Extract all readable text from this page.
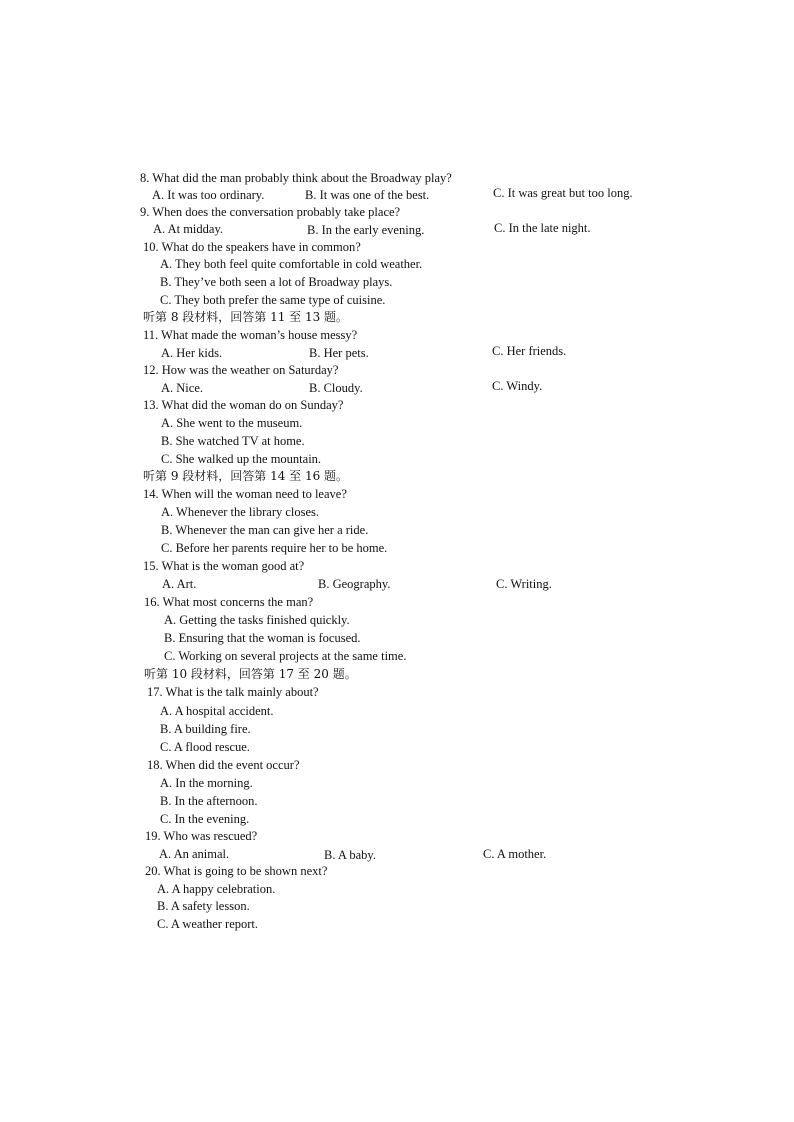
8. What did the man probably think about the Broadway play?
A. It was too ordinary.	B. It was one of the best.	C. It was great but too long.
9. When does the conversation probably take place?
A. At midday.	B. In the early evening.	C. In the late night.
10. What do the speakers have in common?
A. They both feel quite comfortable in cold weather.
B. They’ve both seen a lot of Broadway plays.
C. They both prefer the same type of cuisine.
听第 8 段材料，回答第 11 至 13 题。
11. What made the woman’s house messy?
A. Her kids.	B. Her pets.	C. Her friends.
12. How was the weather on Saturday?
A. Nice.	B. Cloudy.	C. Windy.
13. What did the woman do on Sunday?
A. She went to the museum.
B. She watched TV at home.
C. She walked up the mountain.
听第 9 段材料，回答第 14 至 16 题。
14. When will the woman need to leave?
A. Whenever the library closes.
B. Whenever the man can give her a ride.
C. Before her parents require her to be home.
15. What is the woman good at?
A. Art.	B. Geography.	C. Writing.
16. What most concerns the man?
A. Getting the tasks finished quickly.
B. Ensuring that the woman is focused.
C. Working on several projects at the same time.
听第 10 段材料，回答第 17 至 20 题。
17. What is the talk mainly about?
A. A hospital accident.
B. A building fire.
C. A flood rescue.
18. When did the event occur?
A. In the morning.
B. In the afternoon.
C. In the evening.
19. Who was rescued?
A. An animal.	B. A baby.	C. A mother.
20. What is going to be shown next?
A. A happy celebration.
B. A safety lesson.
C. A weather report.
